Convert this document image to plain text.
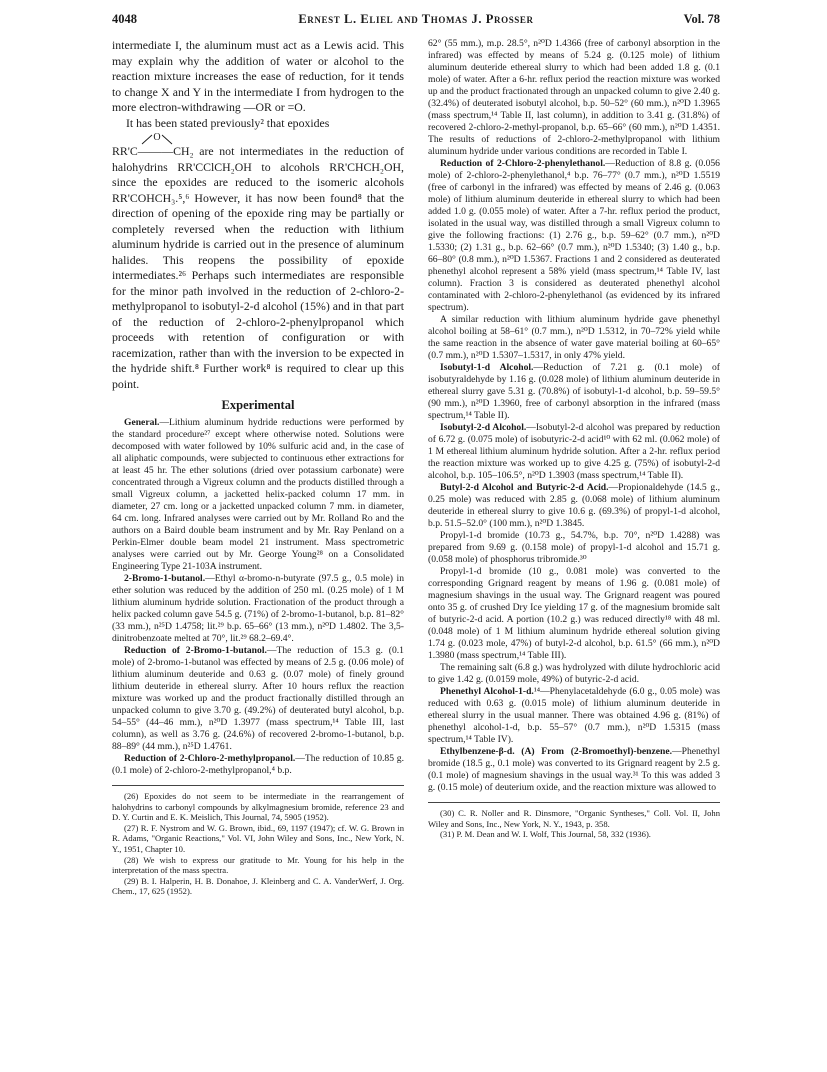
4048	Ernest L. Eliel and Thomas J. Prosser	Vol. 78

intermediate I, the aluminum must act as a Lewis acid. This may explain why the addition of water or alcohol to the reaction mixture increases the ease of reduction, for it tends to change X and Y in the intermediate I from hydrogen to the more electron-withdrawing —OR or =O.

It has been stated previously² that epoxides

O

RR'C———CH₂ are not intermediates in the reduction of halohydrins RR'CClCH₂OH to alcohols RR'CHCH₂OH, since the epoxides are reduced to the isomeric alcohols RR'COHCH₃.⁵,⁶ However, it has now been found⁸ that the direction of opening of the epoxide ring may be partially or completely reversed when the reduction with lithium aluminum hydride is carried out in the presence of aluminum halides. This reopens the possibility of epoxide intermediates.²⁶ Perhaps such intermediates are responsible for the minor path involved in the reduction of 2-chloro-2-methylpropanol to isobutyl-2-d alcohol (15%) and in that part of the reduction of 2-chloro-2-phenylpropanol which proceeds with retention of configuration or with racemization, rather than with the inversion to be expected in the hydride shift.⁸ Further work⁸ is required to clear up this point.

Experimental

General.—Lithium aluminum hydride reductions were performed by the standard procedure²⁷ except where otherwise noted. Solutions were decomposed with water followed by 10% sulfuric acid and, in the case of all aliphatic compounds, were subjected to continuous ether extractions for at least 45 hr. The ether solutions (dried over potassium carbonate) were concentrated through a Vigreux column and the products distilled through a small Vigreux column, a jacketted helix-packed column 17 mm. in diameter, 27 cm. long or a jacketted unpacked column 7 mm. in diameter, 64 cm. long. Infrared analyses were carried out by Mr. Rolland Ro and the authors on a Baird double beam instrument and by Mr. Ray Penland on a Perkin-Elmer double beam model 21 instrument. Mass spectrometric analyses were carried out by Mr. George Young²⁸ on a Consolidated Engineering Type 21-103A instrument.

2-Bromo-1-butanol.—Ethyl α-bromo-n-butyrate (97.5 g., 0.5 mole) in ether solution was reduced by the addition of 250 ml. (0.25 mole) of 1 M lithium aluminum hydride solution. Fractionation of the product through a helix packed column gave 54.5 g. (71%) of 2-bromo-1-butanol, b.p. 81–82° (33 mm.), n²⁵D 1.4758; lit.²⁹ b.p. 65–66° (13 mm.), n²⁰D 1.4802. The 3,5-dinitrobenzoate melted at 70°, lit.²⁹ 68.2–69.4°.

Reduction of 2-Bromo-1-butanol.—The reduction of 15.3 g. (0.1 mole) of 2-bromo-1-butanol was effected by means of 2.5 g. (0.06 mole) of lithium aluminum deuteride and 0.63 g. (0.07 mole) of finely ground lithium deuteride in ethereal slurry. After 10 hours reflux the reaction mixture was worked up and the product fractionally distilled through an unpacked column to give 3.70 g. (49.2%) of deuterated butyl alcohol, b.p. 54–55° (44–46 mm.), n²⁰D 1.3977 (mass spectrum,¹⁴ Table III, last column), as well as 3.76 g. (24.6%) of recovered 2-bromo-1-butanol, b.p. 88–89° (44 mm.), n²⁵D 1.4761.

Reduction of 2-Chloro-2-methylpropanol.—The reduction of 10.85 g. (0.1 mole) of 2-chloro-2-methylpropanol,⁴ b.p.

(26) Epoxides do not seem to be intermediate in the rearrangement of halohydrins to carbonyl compounds by alkylmagnesium bromide, reference 23 and D. Y. Curtin and E. K. Meislich, This Journal, 74, 5905 (1952).

(27) R. F. Nystrom and W. G. Brown, ibid., 69, 1197 (1947); cf. W. G. Brown in R. Adams, "Organic Reactions," Vol. VI, John Wiley and Sons, Inc., New York, N. Y., 1951, Chapter 10.

(28) We wish to express our gratitude to Mr. Young for his help in the interpretation of the mass spectra.

(29) B. I. Halperin, H. B. Donahoe, J. Kleinberg and C. A. VanderWerf, J. Org. Chem., 17, 625 (1952).

62° (55 mm.), m.p. 28.5°, n²⁰D 1.4366 (free of carbonyl absorption in the infrared) was effected by means of 5.24 g. (0.125 mole) of lithium aluminum deuteride ethereal slurry to which had been added 1.8 g. (0.1 mole) of water. After a 6-hr. reflux period the reaction mixture was worked up and the product fractionated through an unpacked column to give 2.40 g. (32.4%) of deuterated isobutyl alcohol, b.p. 50–52° (60 mm.), n²⁰D 1.3965 (mass spectrum,¹⁴ Table II, last column), in addition to 3.41 g. (31.8%) of recovered 2-chloro-2-methyl-propanol, b.p. 65–66° (60 mm.), n²⁰D 1.4351. The results of reductions of 2-chloro-2-methylpropanol with lithium aluminum hydride under various conditions are recorded in Table I.

Reduction of 2-Chloro-2-phenylethanol.—Reduction of 8.8 g. (0.056 mole) of 2-chloro-2-phenylethanol,⁴ b.p. 76–77° (0.7 mm.), n²⁰D 1.5519 (free of carbonyl in the infrared) was effected by means of 2.46 g. (0.063 mole) of lithium aluminum deuteride in ethereal slurry to which had been added 1.0 g. (0.055 mole) of water. After a 7-hr. reflux period the product, isolated in the usual way, was distilled through a small Vigreux column to give the following fractions: (1) 2.76 g., b.p. 59–62° (0.7 mm.), n²⁰D 1.5330; (2) 1.31 g., b.p. 62–66° (0.7 mm.), n²⁰D 1.5340; (3) 1.40 g., b.p. 66–80° (0.8 mm.), n²⁰D 1.5367. Fractions 1 and 2 considered as deuterated phenethyl alcohol represent a 58% yield (mass spectrum,¹⁴ Table IV, last column). Fraction 3 is considered as deuterated phenethyl alcohol contaminated with 2-chloro-2-phenylethanol (as evidenced by its infrared spectrum).

A similar reduction with lithium aluminum hydride gave phenethyl alcohol boiling at 58–61° (0.7 mm.), n²⁰D 1.5312, in 70–72% yield while the same reaction in the absence of water gave material boiling at 60–65° (0.7 mm.), n²⁰D 1.5307–1.5317, in only 47% yield.

Isobutyl-1-d Alcohol.—Reduction of 7.21 g. (0.1 mole) of isobutyraldehyde by 1.16 g. (0.028 mole) of lithium aluminum deuteride in ethereal slurry gave 5.31 g. (70.8%) of isobutyl-1-d alcohol, b.p. 59–59.5° (90 mm.), n²⁰D 1.3960, free of carbonyl absorption in the infrared (mass spectrum,¹⁴ Table II).

Isobutyl-2-d Alcohol.—Isobutyl-2-d alcohol was prepared by reduction of 6.72 g. (0.075 mole) of isobutyric-2-d acid¹⁰ with 62 ml. (0.062 mole) of 1 M ethereal lithium aluminum hydride solution. After a 2-hr. reflux period the reaction mixture was worked up to give 4.25 g. (75%) of isobutyl-2-d alcohol, b.p. 105–106.5°, n²⁰D 1.3903 (mass spectrum,¹⁴ Table II).

Butyl-2-d Alcohol and Butyric-2-d Acid.—Propionaldehyde (14.5 g., 0.25 mole) was reduced with 2.85 g. (0.068 mole) of lithium aluminum deuteride in ethereal slurry to give 10.6 g. (69.3%) of propyl-1-d alcohol, b.p. 51.5–52.0° (100 mm.), n²⁰D 1.3845.

Propyl-1-d bromide (10.73 g., 54.7%, b.p. 70°, n²⁰D 1.4288) was prepared from 9.69 g. (0.158 mole) of propyl-1-d alcohol and 15.71 g. (0.058 mole) of phosphorus tribromide.³⁰

Propyl-1-d bromide (10 g., 0.081 mole) was converted to the corresponding Grignard reagent by means of 1.96 g. (0.081 mole) of magnesium shavings in the usual way. The Grignard reagent was poured onto 35 g. of crushed Dry Ice yielding 17 g. of the magnesium bromide salt of butyric-2-d acid. A portion (10.2 g.) was reduced directly¹⁸ with 48 ml. (0.048 mole) of 1 M lithium aluminum hydride ethereal solution giving 1.74 g. (0.023 mole, 47%) of butyl-2-d alcohol, b.p. 61.5° (66 mm.), n²⁰D 1.3980 (mass spectrum,¹⁴ Table III).

The remaining salt (6.8 g.) was hydrolyzed with dilute hydrochloric acid to give 1.42 g. (0.0159 mole, 49%) of butyric-2-d acid.

Phenethyl Alcohol-1-d.¹⁴—Phenylacetaldehyde (6.0 g., 0.05 mole) was reduced with 0.63 g. (0.015 mole) of lithium aluminum deuteride in ethereal slurry in the usual manner. There was obtained 4.96 g. (81%) of phenethyl alcohol-1-d, b.p. 55–57° (0.7 mm.), n²⁰D 1.5315 (mass spectrum,¹⁴ Table IV).

Ethylbenzene-β-d. (A) From (2-Bromoethyl)-benzene.—Phenethyl bromide (18.5 g., 0.1 mole) was converted to its Grignard reagent by 2.5 g. (0.1 mole) of magnesium shavings in the usual way.³¹ To this was added 3 g. (0.15 mole) of deuterium oxide, and the reaction mixture was allowed to

(30) C. R. Noller and R. Dinsmore, "Organic Syntheses," Coll. Vol. II, John Wiley and Sons, Inc., New York, N. Y., 1943, p. 358.

(31) P. M. Dean and W. I. Wolf, This Journal, 58, 332 (1936).
